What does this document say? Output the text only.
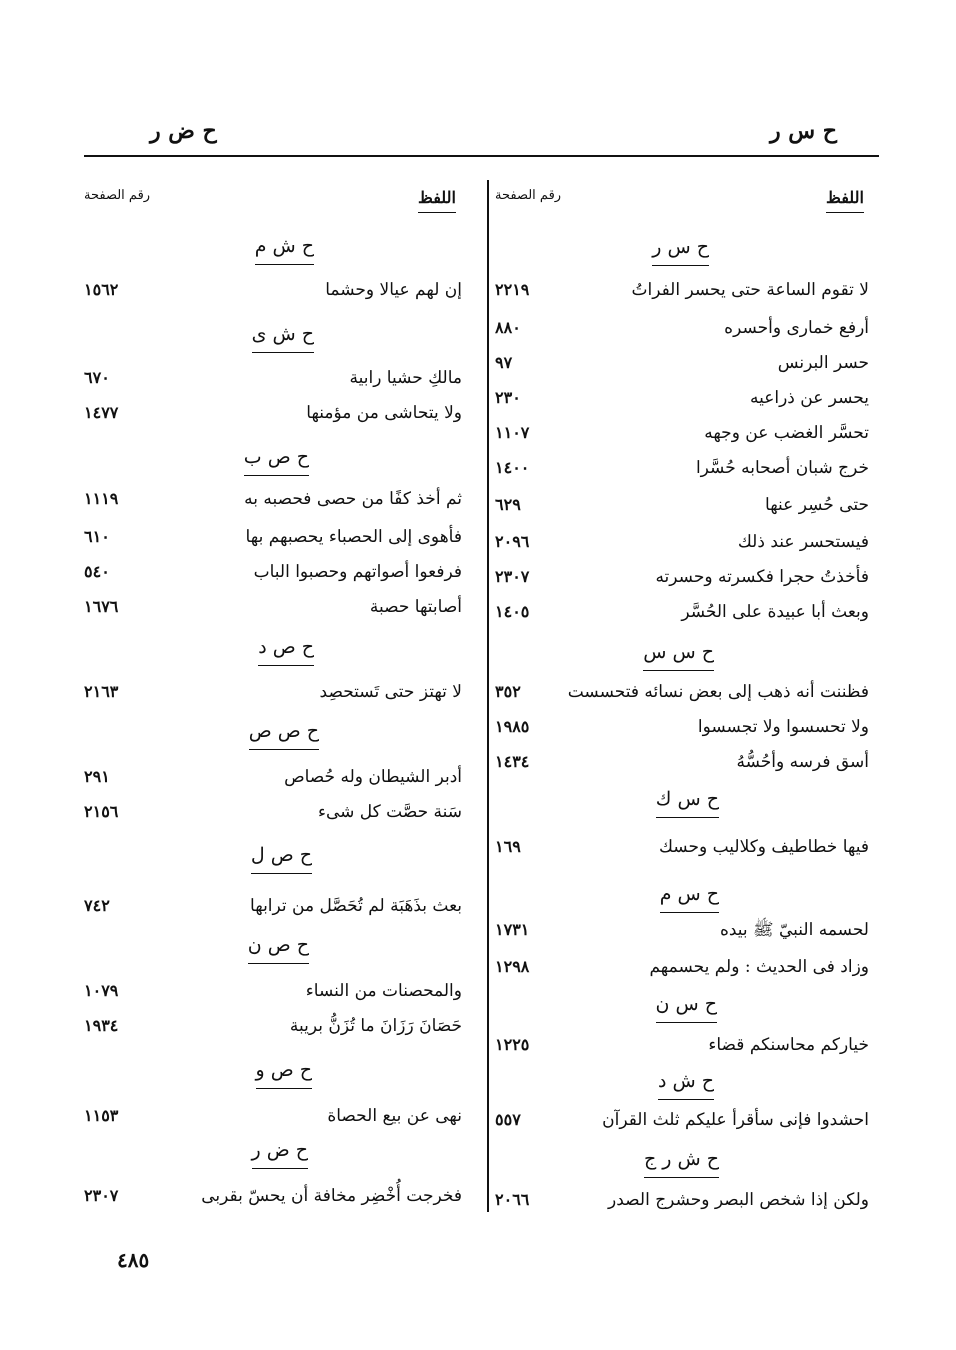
ح س ر
ح ض ر
اللفظ
رقم الصفحة
اللفظ
رقم الصفحة
ح س ر
لا تقوم الساعة حتى يحسر الفراتُ
٢٢١٩
أرفع خماری وأحسره
٨٨٠
حسر البرنس
٩٧
يحسر عن ذراعيه
٢٣٠
تحسَّر الغضب عن وجهه
١١٠٧
خرج شبان أصحابه حُسَّرا
١٤٠٠
حتى حُسِر عنها
٦٢٩
فيستحسر عند ذلك
٢٠٩٦
فأخذتُ حجرا فكسرته وحسرته
٢٣٠٧
وبعث أبا عبيدة على الحُسَّر
١٤٠٥
ح س س
فظننت أنه ذهب إلى بعض نسائه فتحسست
٣٥٢
ولا تحسسوا ولا تجسسوا
١٩٨٥
أسق فرسه وأحُسُّهُ
١٤٣٤
ح س ك
فيها خطاطيف وكلاليب وحسك
١٦٩
ح س م
لحسمه النبيّ ﷺ بيده
١٧٣١
وزاد فى الحديث : ولم يحسمهم
١٢٩٨
ح س ن
خياركم محاسنكم قضاء
١٢٢٥
ح ش د
احشدوا فإنى سأقرأ عليكم ثلث القرآن
٥٥٧
ح ش ر ج
ولكن إذا شخص البصر وحشرج الصدر
٢٠٦٦
ح ش م
إن لهم عيالا وحشما
١٥٦٢
ح ش ى
مالكِ حشيا رابية
٦٧٠
ولا يتحاشى من مؤمنها
١٤٧٧
ح ص ب
ثم أخذ كفًا من حصى فحصبه به
١١١٩
فأهوى إلى الحصباء يحصبهم بها
٦١٠
فرفعوا أصواتهم وحصبوا الباب
٥٤٠
أصابتها حصبة
١٦٧٦
ح ص د
لا تهتز حتى تَستحصِد
٢١٦٣
ح ص ص
أدبر الشيطان وله حُصاص
٢٩١
سَنة حصَّت كل شىء
٢١٥٦
ح ص ل
بعث بذَهَبَة لم تُحَصَّل من ترابها
٧٤٢
ح ص ن
والمحصنات من النساء
١٠٧٩
حَصَانَ رَزَانَ ما تُزَنُّ بريبة
١٩٣٤
ح ص و
نهى عن بيع الحصاة
١١٥٣
ح ض ر
فخرجت أُخْضِر مخافة أن يحسّ بقربى
٢٣٠٧
٤٨٥
